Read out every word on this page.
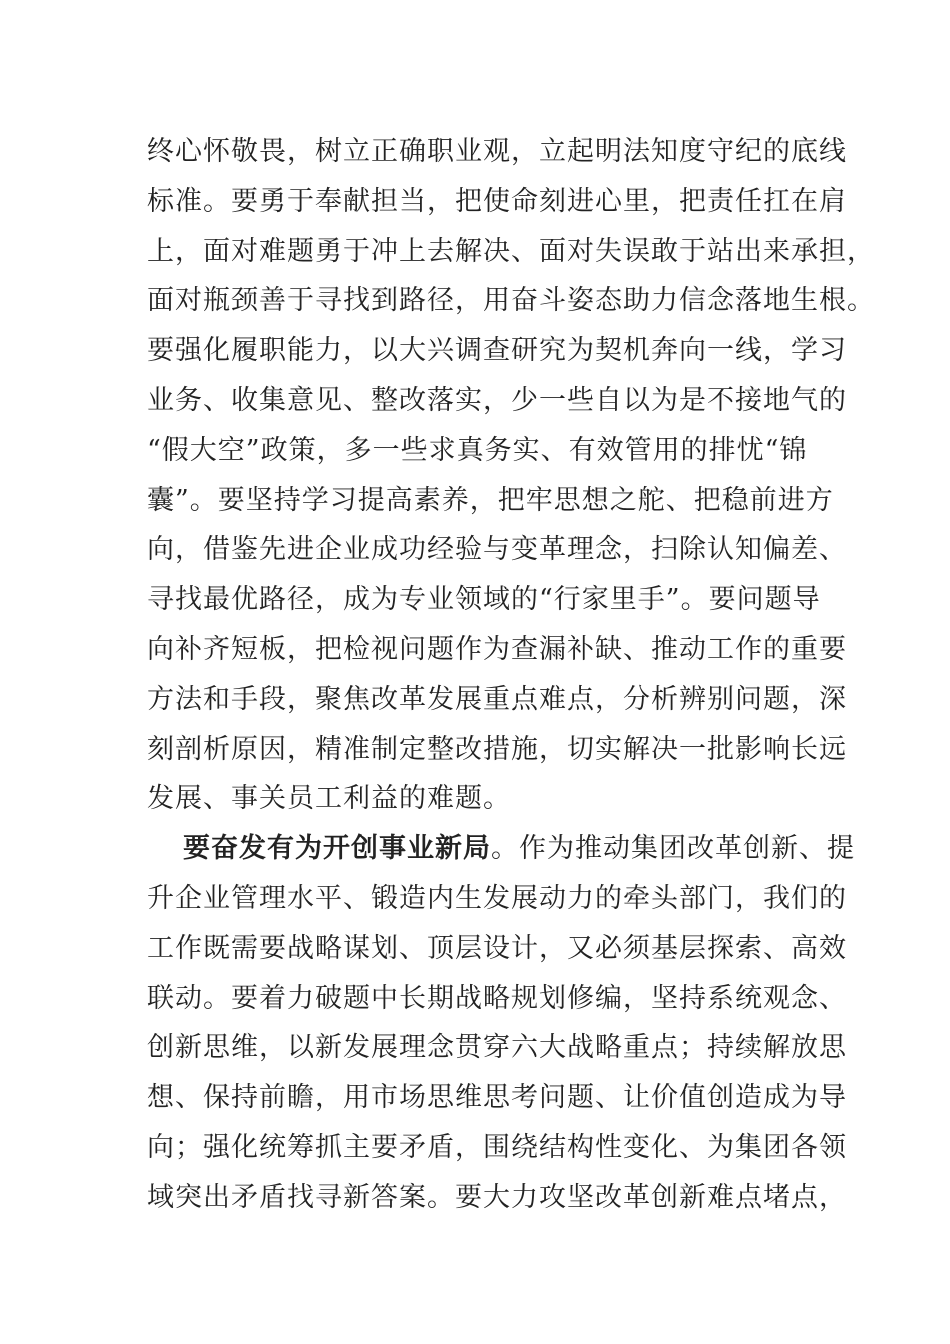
终心怀敬畏，树立正确职业观，立起明法知度守纪的底线
标准。要勇于奉献担当，把使命刻进心里，把责任扛在肩
上，面对难题勇于冲上去解决、面对失误敢于站出来承担，
面对瓶颈善于寻找到路径，用奋斗姿态助力信念落地生根。
要强化履职能力，以大兴调查研究为契机奔向一线，学习
业务、收集意见、整改落实，少一些自以为是不接地气的
“假大空”政策，多一些求真务实、有效管用的排忧“锦
囊”。要坚持学习提高素养，把牢思想之舵、把稳前进方
向，借鉴先进企业成功经验与变革理念，扫除认知偏差、
寻找最优路径，成为专业领域的“行家里手”。要问题导
向补齐短板，把检视问题作为查漏补缺、推动工作的重要
方法和手段，聚焦改革发展重点难点，分析辨别问题，深
刻剖析原因，精准制定整改措施，切实解决一批影响长远
发展、事关员工利益的难题。
要奋发有为开创事业新局。作为推动集团改革创新、提
升企业管理水平、锻造内生发展动力的牵头部门，我们的
工作既需要战略谋划、顶层设计，又必须基层探索、高效
联动。要着力破题中长期战略规划修编，坚持系统观念、
创新思维，以新发展理念贯穿六大战略重点；持续解放思
想、保持前瞻，用市场思维思考问题、让价值创造成为导
向；强化统筹抓主要矛盾，围绕结构性变化、为集团各领
域突出矛盾找寻新答案。要大力攻坚改革创新难点堵点，
